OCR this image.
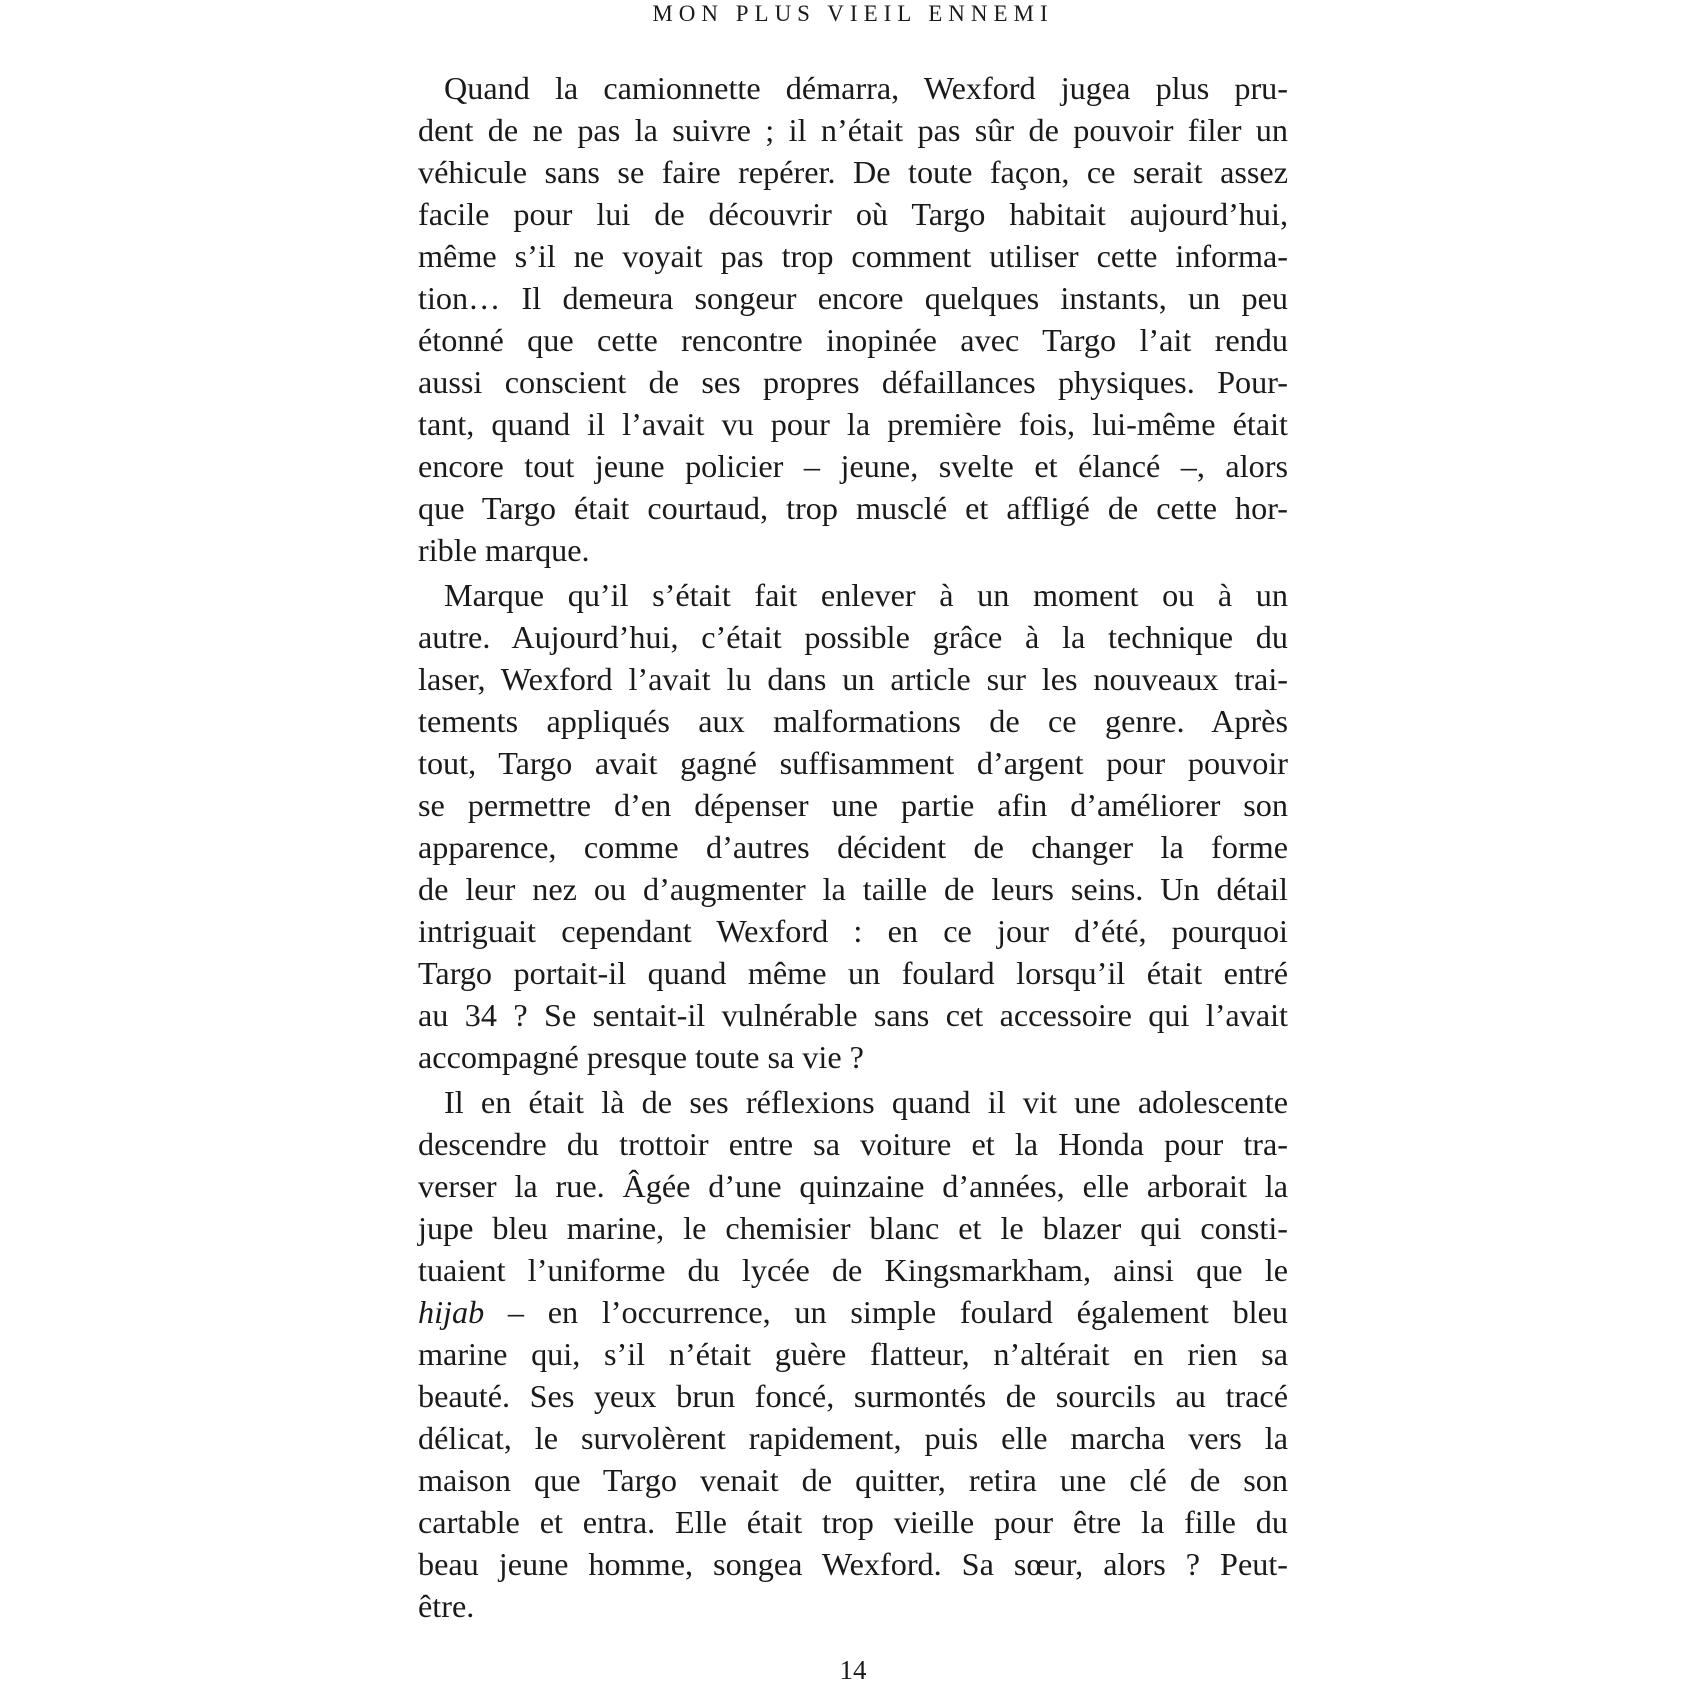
MON PLUS VIEIL ENNEMI
Quand la camionnette démarra, Wexford jugea plus pru-
dent de ne pas la suivre ; il n’était pas sûr de pouvoir filer un
véhicule sans se faire repérer. De toute façon, ce serait assez
facile pour lui de découvrir où Targo habitait aujourd’hui,
même s’il ne voyait pas trop comment utiliser cette informa-
tion… Il demeura songeur encore quelques instants, un peu
étonné que cette rencontre inopinée avec Targo l’ait rendu
aussi conscient de ses propres défaillances physiques. Pour-
tant, quand il l’avait vu pour la première fois, lui-même était
encore tout jeune policier – jeune, svelte et élancé –, alors
que Targo était courtaud, trop musclé et affligé de cette hor-
rible marque.
Marque qu’il s’était fait enlever à un moment ou à un
autre. Aujourd’hui, c’était possible grâce à la technique du
laser, Wexford l’avait lu dans un article sur les nouveaux trai-
tements appliqués aux malformations de ce genre. Après
tout, Targo avait gagné suffisamment d’argent pour pouvoir
se permettre d’en dépenser une partie afin d’améliorer son
apparence, comme d’autres décident de changer la forme
de leur nez ou d’augmenter la taille de leurs seins. Un détail
intriguait cependant Wexford : en ce jour d’été, pourquoi
Targo portait-il quand même un foulard lorsqu’il était entré
au 34 ? Se sentait-il vulnérable sans cet accessoire qui l’avait
accompagné presque toute sa vie ?
Il en était là de ses réflexions quand il vit une adolescente
descendre du trottoir entre sa voiture et la Honda pour tra-
verser la rue. Âgée d’une quinzaine d’années, elle arborait la
jupe bleu marine, le chemisier blanc et le blazer qui consti-
tuaient l’uniforme du lycée de Kingsmarkham, ainsi que le
hijab – en l’occurrence, un simple foulard également bleu
marine qui, s’il n’était guère flatteur, n’altérait en rien sa
beauté. Ses yeux brun foncé, surmontés de sourcils au tracé
délicat, le survolèrent rapidement, puis elle marcha vers la
maison que Targo venait de quitter, retira une clé de son
cartable et entra. Elle était trop vieille pour être la fille du
beau jeune homme, songea Wexford. Sa sœur, alors ? Peut-
être.
14
